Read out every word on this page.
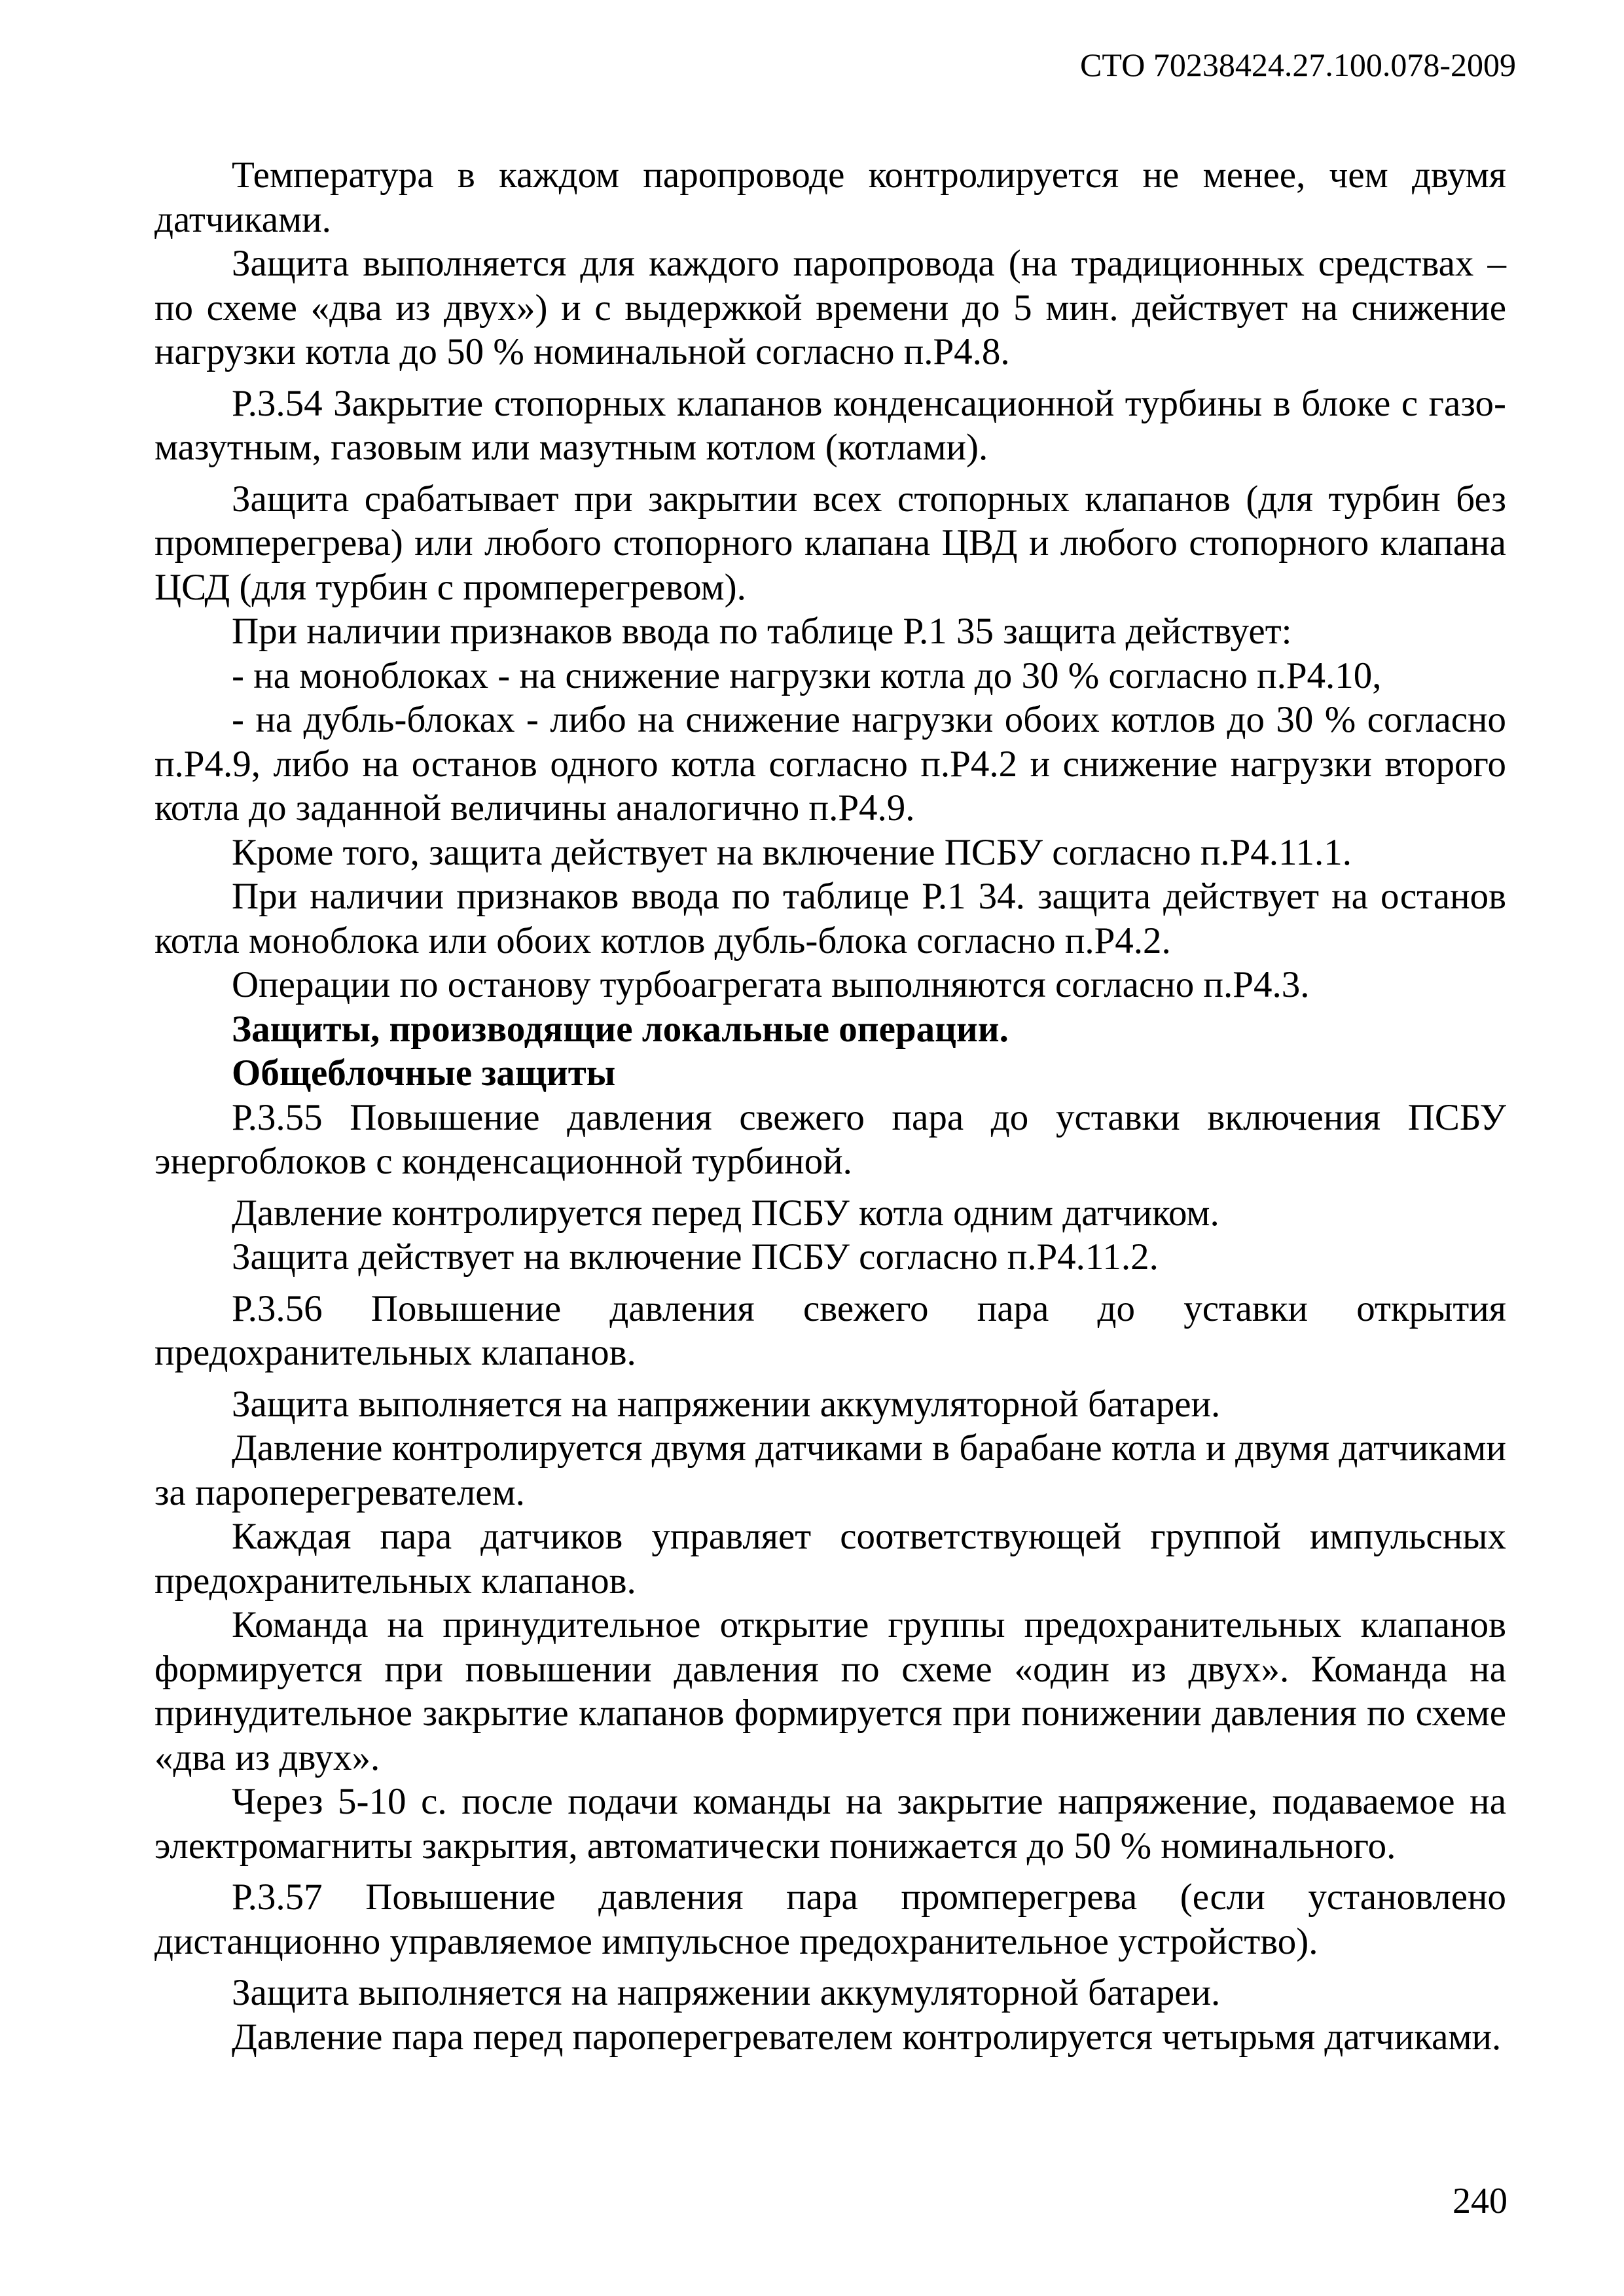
СТО 70238424.27.100.078-2009

Температура в каждом паропроводе контролируется не менее, чем двумя датчиками.

Защита выполняется для каждого паропровода (на традиционных средствах – по схеме «два из двух») и с выдержкой времени до 5 мин. действует на снижение нагрузки котла до 50 % номинальной согласно п.Р4.8.

Р.3.54 Закрытие стопорных клапанов конденсационной турбины в блоке с газо-мазутным, газовым или мазутным котлом (котлами).

Защита срабатывает при закрытии всех стопорных клапанов (для турбин без промперегрева) или любого стопорного клапана ЦВД и любого стопорного клапана ЦСД (для турбин с промперегревом).

При наличии признаков ввода по таблице Р.1 35 защита действует:

- на моноблоках - на снижение нагрузки котла до 30 % согласно п.Р4.10,

- на дубль-блоках - либо на снижение нагрузки обоих котлов до 30 % согласно п.Р4.9, либо на останов одного котла согласно п.Р4.2 и снижение нагрузки второго котла до заданной величины аналогично п.Р4.9.

Кроме того, защита действует на включение ПСБУ согласно п.Р4.11.1.

При наличии признаков ввода по таблице Р.1 34. защита действует на останов котла моноблока или обоих котлов дубль-блока согласно п.Р4.2.

Операции по останову турбоагрегата выполняются согласно п.Р4.3.

Защиты, производящие локальные операции.

Общеблочные защиты

Р.3.55 Повышение давления свежего пара до уставки включения ПСБУ энергоблоков с конденсационной турбиной.

Давление контролируется перед ПСБУ котла одним датчиком.

Защита действует на включение ПСБУ согласно п.Р4.11.2.

Р.3.56 Повышение давления свежего пара до уставки открытия предохранительных клапанов.

Защита выполняется на напряжении аккумуляторной батареи.

Давление контролируется двумя датчиками в барабане котла и двумя датчиками за пароперегревателем.

Каждая пара датчиков управляет соответствующей группой импульсных предохранительных клапанов.

Команда на принудительное открытие группы предохранительных клапанов формируется при повышении давления по схеме «один из двух». Команда на принудительное закрытие клапанов формируется при понижении давления по схеме «два из двух».

Через 5-10 с. после подачи команды на закрытие напряжение, подаваемое на электромагниты закрытия, автоматически понижается до 50 % номинального.

Р.3.57 Повышение давления пара промперегрева (если установлено дистанционно управляемое импульсное предохранительное устройство).

Защита выполняется на напряжении аккумуляторной батареи.

Давление пара перед пароперегревателем контролируется четырьмя датчиками.

240
